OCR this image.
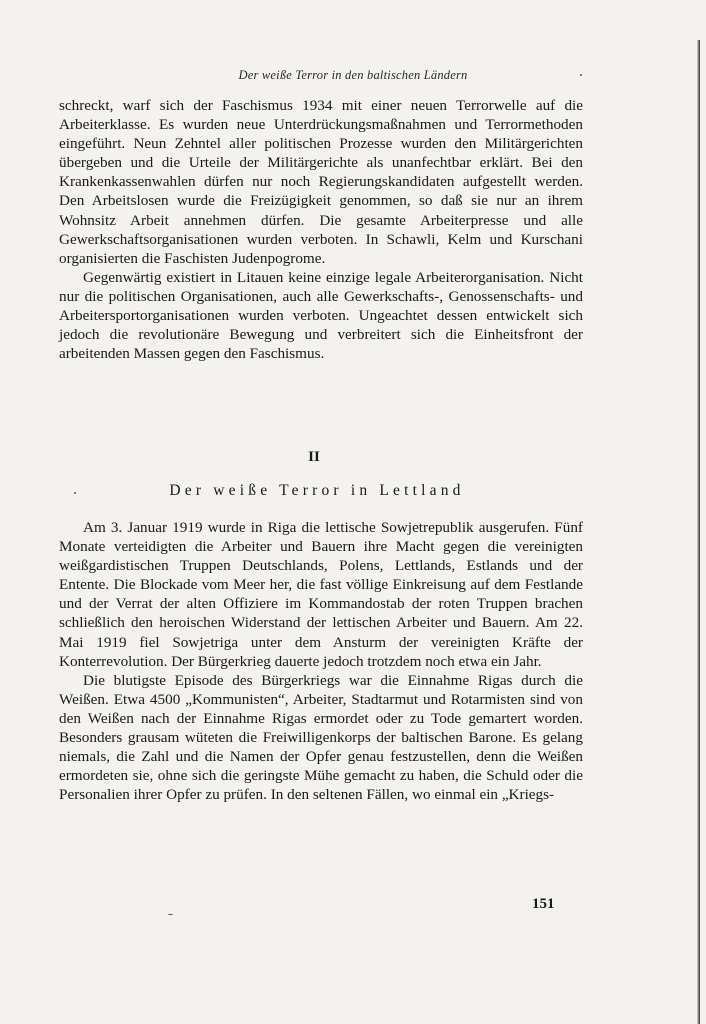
Der weiße Terror in den baltischen Ländern

schreckt, warf sich der Faschismus 1934 mit einer neuen Terrorwelle auf die Arbeiterklasse. Es wurden neue Unterdrückungsmaßnahmen und Terrormethoden eingeführt. Neun Zehntel aller politischen Prozesse wurden den Militärgerichten übergeben und die Urteile der Militärgerichte als unanfechtbar erklärt. Bei den Krankenkassenwahlen dürfen nur noch Regierungskandidaten aufgestellt werden. Den Arbeitslosen wurde die Freizügigkeit genommen, so daß sie nur an ihrem Wohnsitz Arbeit annehmen dürfen. Die gesamte Arbeiterpresse und alle Gewerkschaftsorganisationen wurden verboten. In Schawli, Kelm und Kurschani organisierten die Faschisten Judenpogrome.

Gegenwärtig existiert in Litauen keine einzige legale Arbeiterorganisation. Nicht nur die politischen Organisationen, auch alle Gewerkschafts-, Genossenschafts- und Arbeitersportorganisationen wurden verboten. Ungeachtet dessen entwickelt sich jedoch die revolutionäre Bewegung und verbreitert sich die Einheitsfront der arbeitenden Massen gegen den Faschismus.

II
Der weiße Terror in Lettland

Am 3. Januar 1919 wurde in Riga die lettische Sowjetrepublik ausgerufen. Fünf Monate verteidigten die Arbeiter und Bauern ihre Macht gegen die vereinigten weißgardistischen Truppen Deutschlands, Polens, Lettlands, Estlands und der Entente. Die Blockade vom Meer her, die fast völlige Einkreisung auf dem Festlande und der Verrat der alten Offiziere im Kommandostab der roten Truppen brachen schließlich den heroischen Widerstand der lettischen Arbeiter und Bauern. Am 22. Mai 1919 fiel Sowjetriga unter dem Ansturm der vereinigten Kräfte der Konterrevolution. Der Bürgerkrieg dauerte jedoch trotzdem noch etwa ein Jahr.

Die blutigste Episode des Bürgerkriegs war die Einnahme Rigas durch die Weißen. Etwa 4500 „Kommunisten“, Arbeiter, Stadtarmut und Rotarmisten sind von den Weißen nach der Einnahme Rigas ermordet oder zu Tode gemartert worden. Besonders grausam wüteten die Freiwilligenkorps der baltischen Barone. Es gelang niemals, die Zahl und die Namen der Opfer genau festzustellen, denn die Weißen ermordeten sie, ohne sich die geringste Mühe gemacht zu haben, die Schuld oder die Personalien ihrer Opfer zu prüfen. In den seltenen Fällen, wo einmal ein „Kriegs-

151
